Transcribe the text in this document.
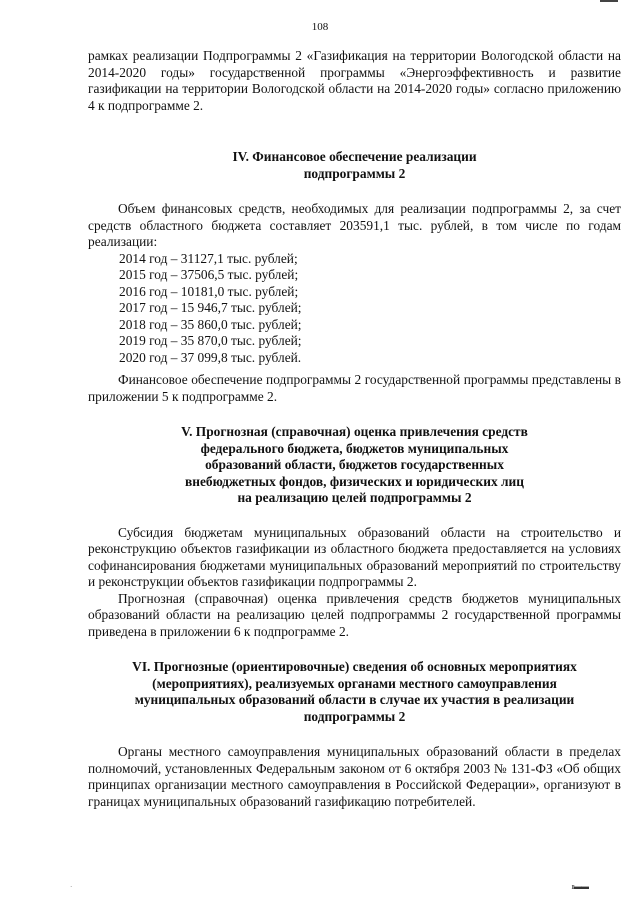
108

рамках реализации Подпрограммы 2 «Газификация на территории Вологодской области на 2014-2020 годы» государственной программы «Энергоэффективность и развитие газификации на территории Вологодской области на 2014-2020 годы» согласно приложению 4 к подпрограмме 2.

IV. Финансовое обеспечение реализации
подпрограммы 2

Объем финансовых средств, необходимых для реализации подпрограммы 2, за счет средств областного бюджета составляет 203591,1 тыс. рублей, в том числе по годам реализации:

2014 год – 31127,1 тыс. рублей;
2015 год – 37506,5 тыс. рублей;
2016 год – 10181,0 тыс. рублей;
2017 год – 15 946,7 тыс. рублей;
2018 год – 35 860,0 тыс. рублей;
2019 год – 35 870,0 тыс. рублей;
2020 год – 37 099,8 тыс. рублей.

Финансовое обеспечение подпрограммы 2 государственной программы представлены в приложении 5 к подпрограмме 2.

V. Прогнозная (справочная) оценка привлечения средств
федерального бюджета, бюджетов муниципальных
образований области, бюджетов государственных
внебюджетных фондов, физических и юридических лиц
на реализацию целей подпрограммы 2

Субсидия бюджетам муниципальных образований области на строительство и реконструкцию объектов газификации из областного бюджета предоставляется на условиях софинансирования бюджетами муниципальных образований мероприятий по строительству и реконструкции объектов газификации подпрограммы 2.

Прогнозная (справочная) оценка привлечения средств бюджетов муниципальных образований области на реализацию целей подпрограммы 2 государственной программы приведена в приложении 6 к подпрограмме 2.

VI. Прогнозные (ориентировочные) сведения об основных мероприятиях
(мероприятиях), реализуемых органами местного самоуправления
муниципальных образований области в случае их участия в реализации
подпрограммы 2

Органы местного самоуправления муниципальных образований области в пределах полномочий, установленных Федеральным законом от 6 октября 2003 № 131-ФЗ «Об общих принципах организации местного самоуправления в Российской Федерации», организуют в границах муниципальных образований газификацию потребителей.

·	ıı▬▬
